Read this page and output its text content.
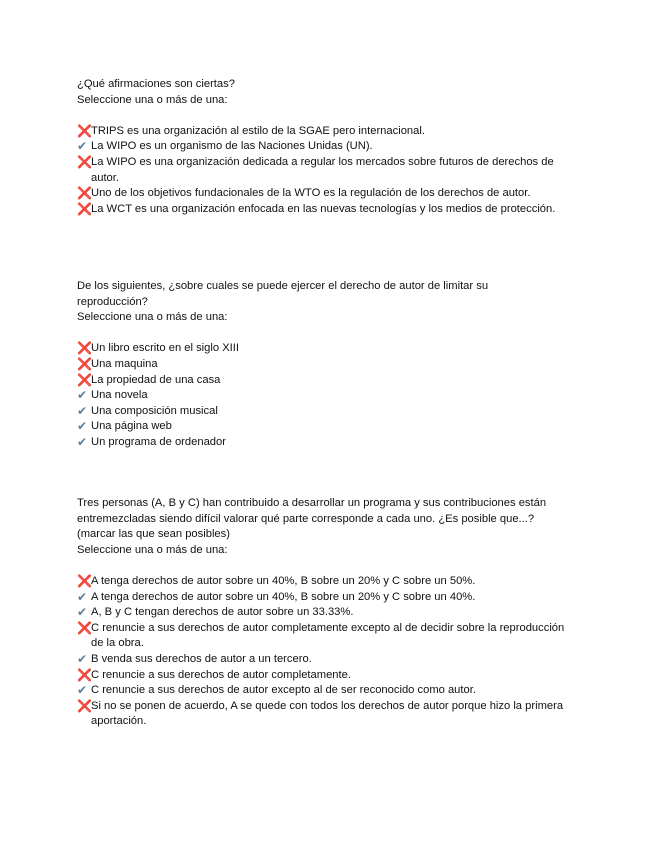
¿Qué afirmaciones son ciertas?

Seleccione una o más de una:

❌ TRIPS es una organización al estilo de la SGAE pero internacional.

✔ La WIPO es un organismo de las Naciones Unidas (UN).

❌ La WIPO es una organización dedicada a regular los mercados sobre futuros de derechos de autor.

❌ Uno de los objetivos fundacionales de la WTO es la regulación de los derechos de autor.

❌ La WCT es una organización enfocada en las nuevas tecnologías y los medios de protección.

De los siguientes, ¿sobre cuales se puede ejercer el derecho de autor de limitar su

reproducción?

Seleccione una o más de una:

❌ Un libro escrito en el siglo XIII

❌ Una maquina

❌ La propiedad de una casa

✔ Una novela

✔ Una composición musical

✔ Una página web

✔ Un programa de ordenador

Tres personas (A, B y C) han contribuido a desarrollar un programa y sus contribuciones están

entremezcladas siendo difícil valorar qué parte corresponde a cada uno. ¿Es posible que...?

(marcar las que sean posibles)

Seleccione una o más de una:

❌ A tenga derechos de autor sobre un 40%, B sobre un 20% y C sobre un 50%.

✔ A tenga derechos de autor sobre un 40%, B sobre un 20% y C sobre un 40%.

✔ A, B y C tengan derechos de autor sobre un 33.33%.

❌ C renuncie a sus derechos de autor completamente excepto al de decidir sobre la reproducción de la obra.

✔ B venda sus derechos de autor a un tercero.

❌ C renuncie a sus derechos de autor completamente.

✔ C renuncie a sus derechos de autor excepto al de ser reconocido como autor.

❌ Si no se ponen de acuerdo, A se quede con todos los derechos de autor porque hizo la primera aportación.
